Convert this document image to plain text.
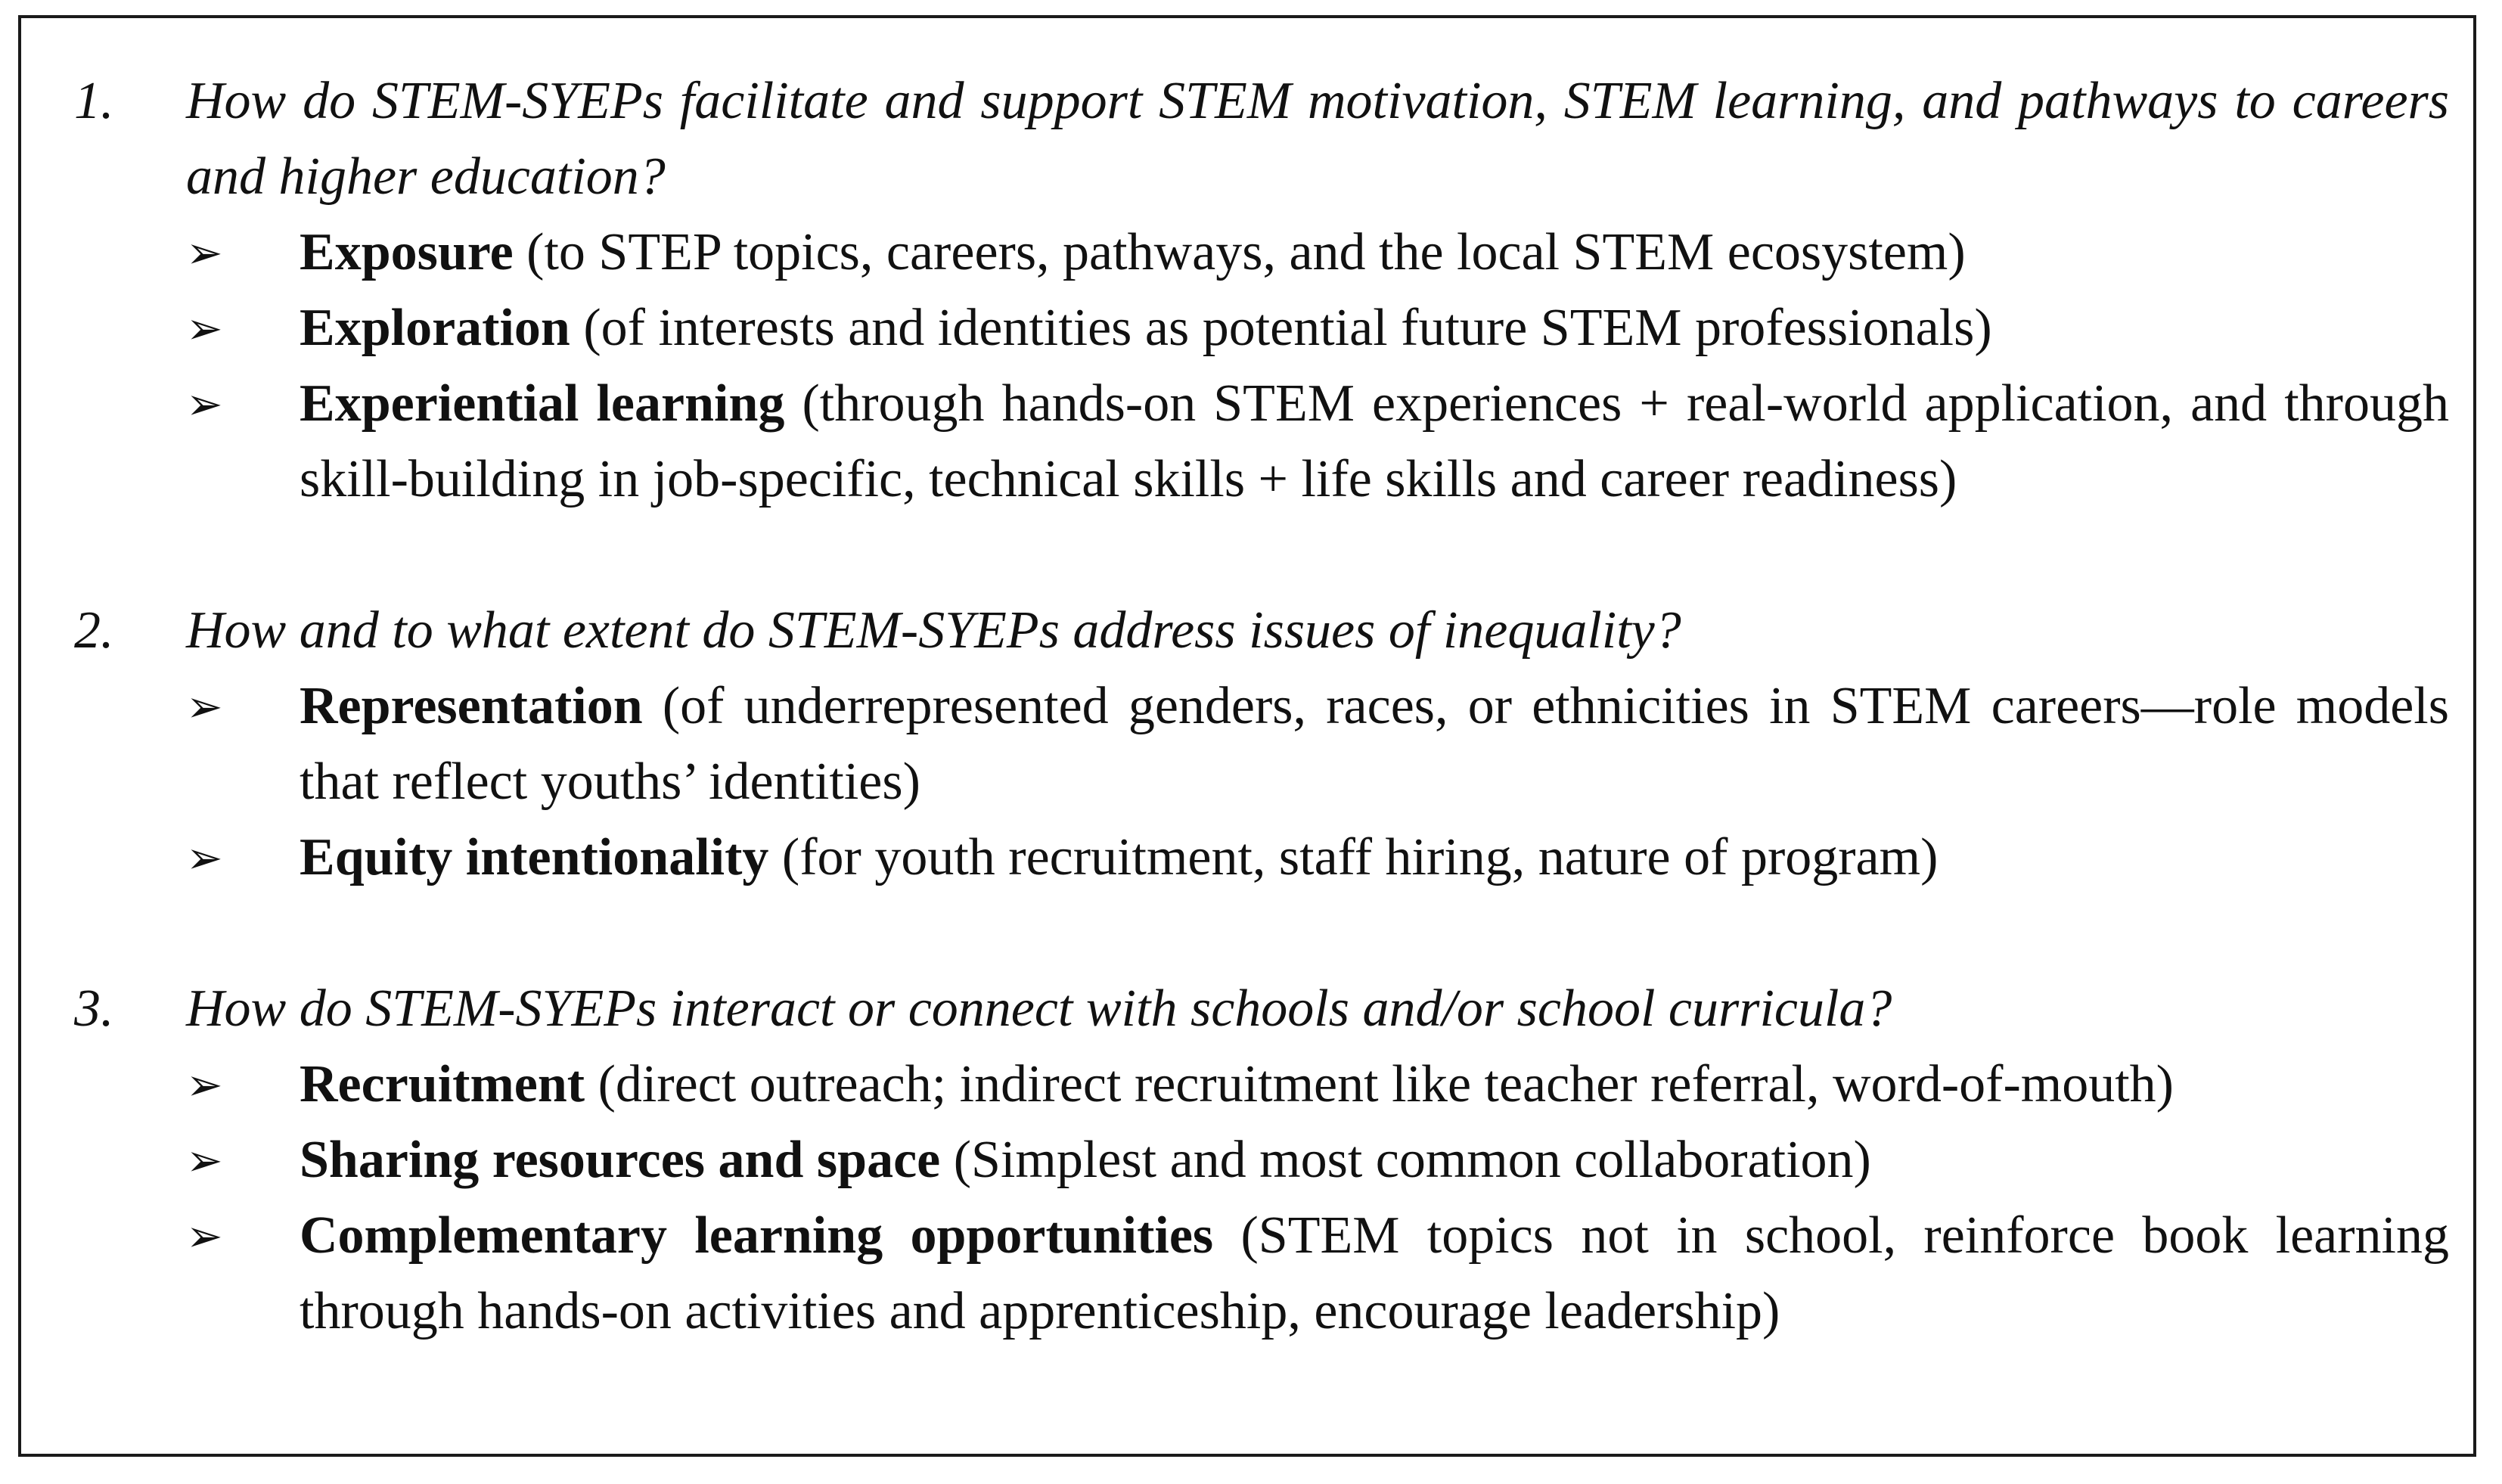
1.	How do STEM-SYEPs facilitate and support STEM motivation, STEM learning, and pathways to careers and higher education?
➢	Exposure (to STEP topics, careers, pathways, and the local STEM ecosystem)
➢	Exploration (of interests and identities as potential future STEM professionals)
➢	Experiential learning (through hands-on STEM experiences + real-world application, and through skill-building in job-specific, technical skills + life skills and career readiness)
2.	How and to what extent do STEM-SYEPs address issues of inequality?
➢	Representation (of underrepresented genders, races, or ethnicities in STEM careers—role models that reflect youths’ identities)
➢	Equity intentionality (for youth recruitment, staff hiring, nature of program)
3.	How do STEM-SYEPs interact or connect with schools and/or school curricula?
➢	Recruitment (direct outreach; indirect recruitment like teacher referral, word-of-mouth)
➢	Sharing resources and space (Simplest and most common collaboration)
➢	Complementary learning opportunities (STEM topics not in school, reinforce book learning through hands-on activities and apprenticeship, encourage leadership)
